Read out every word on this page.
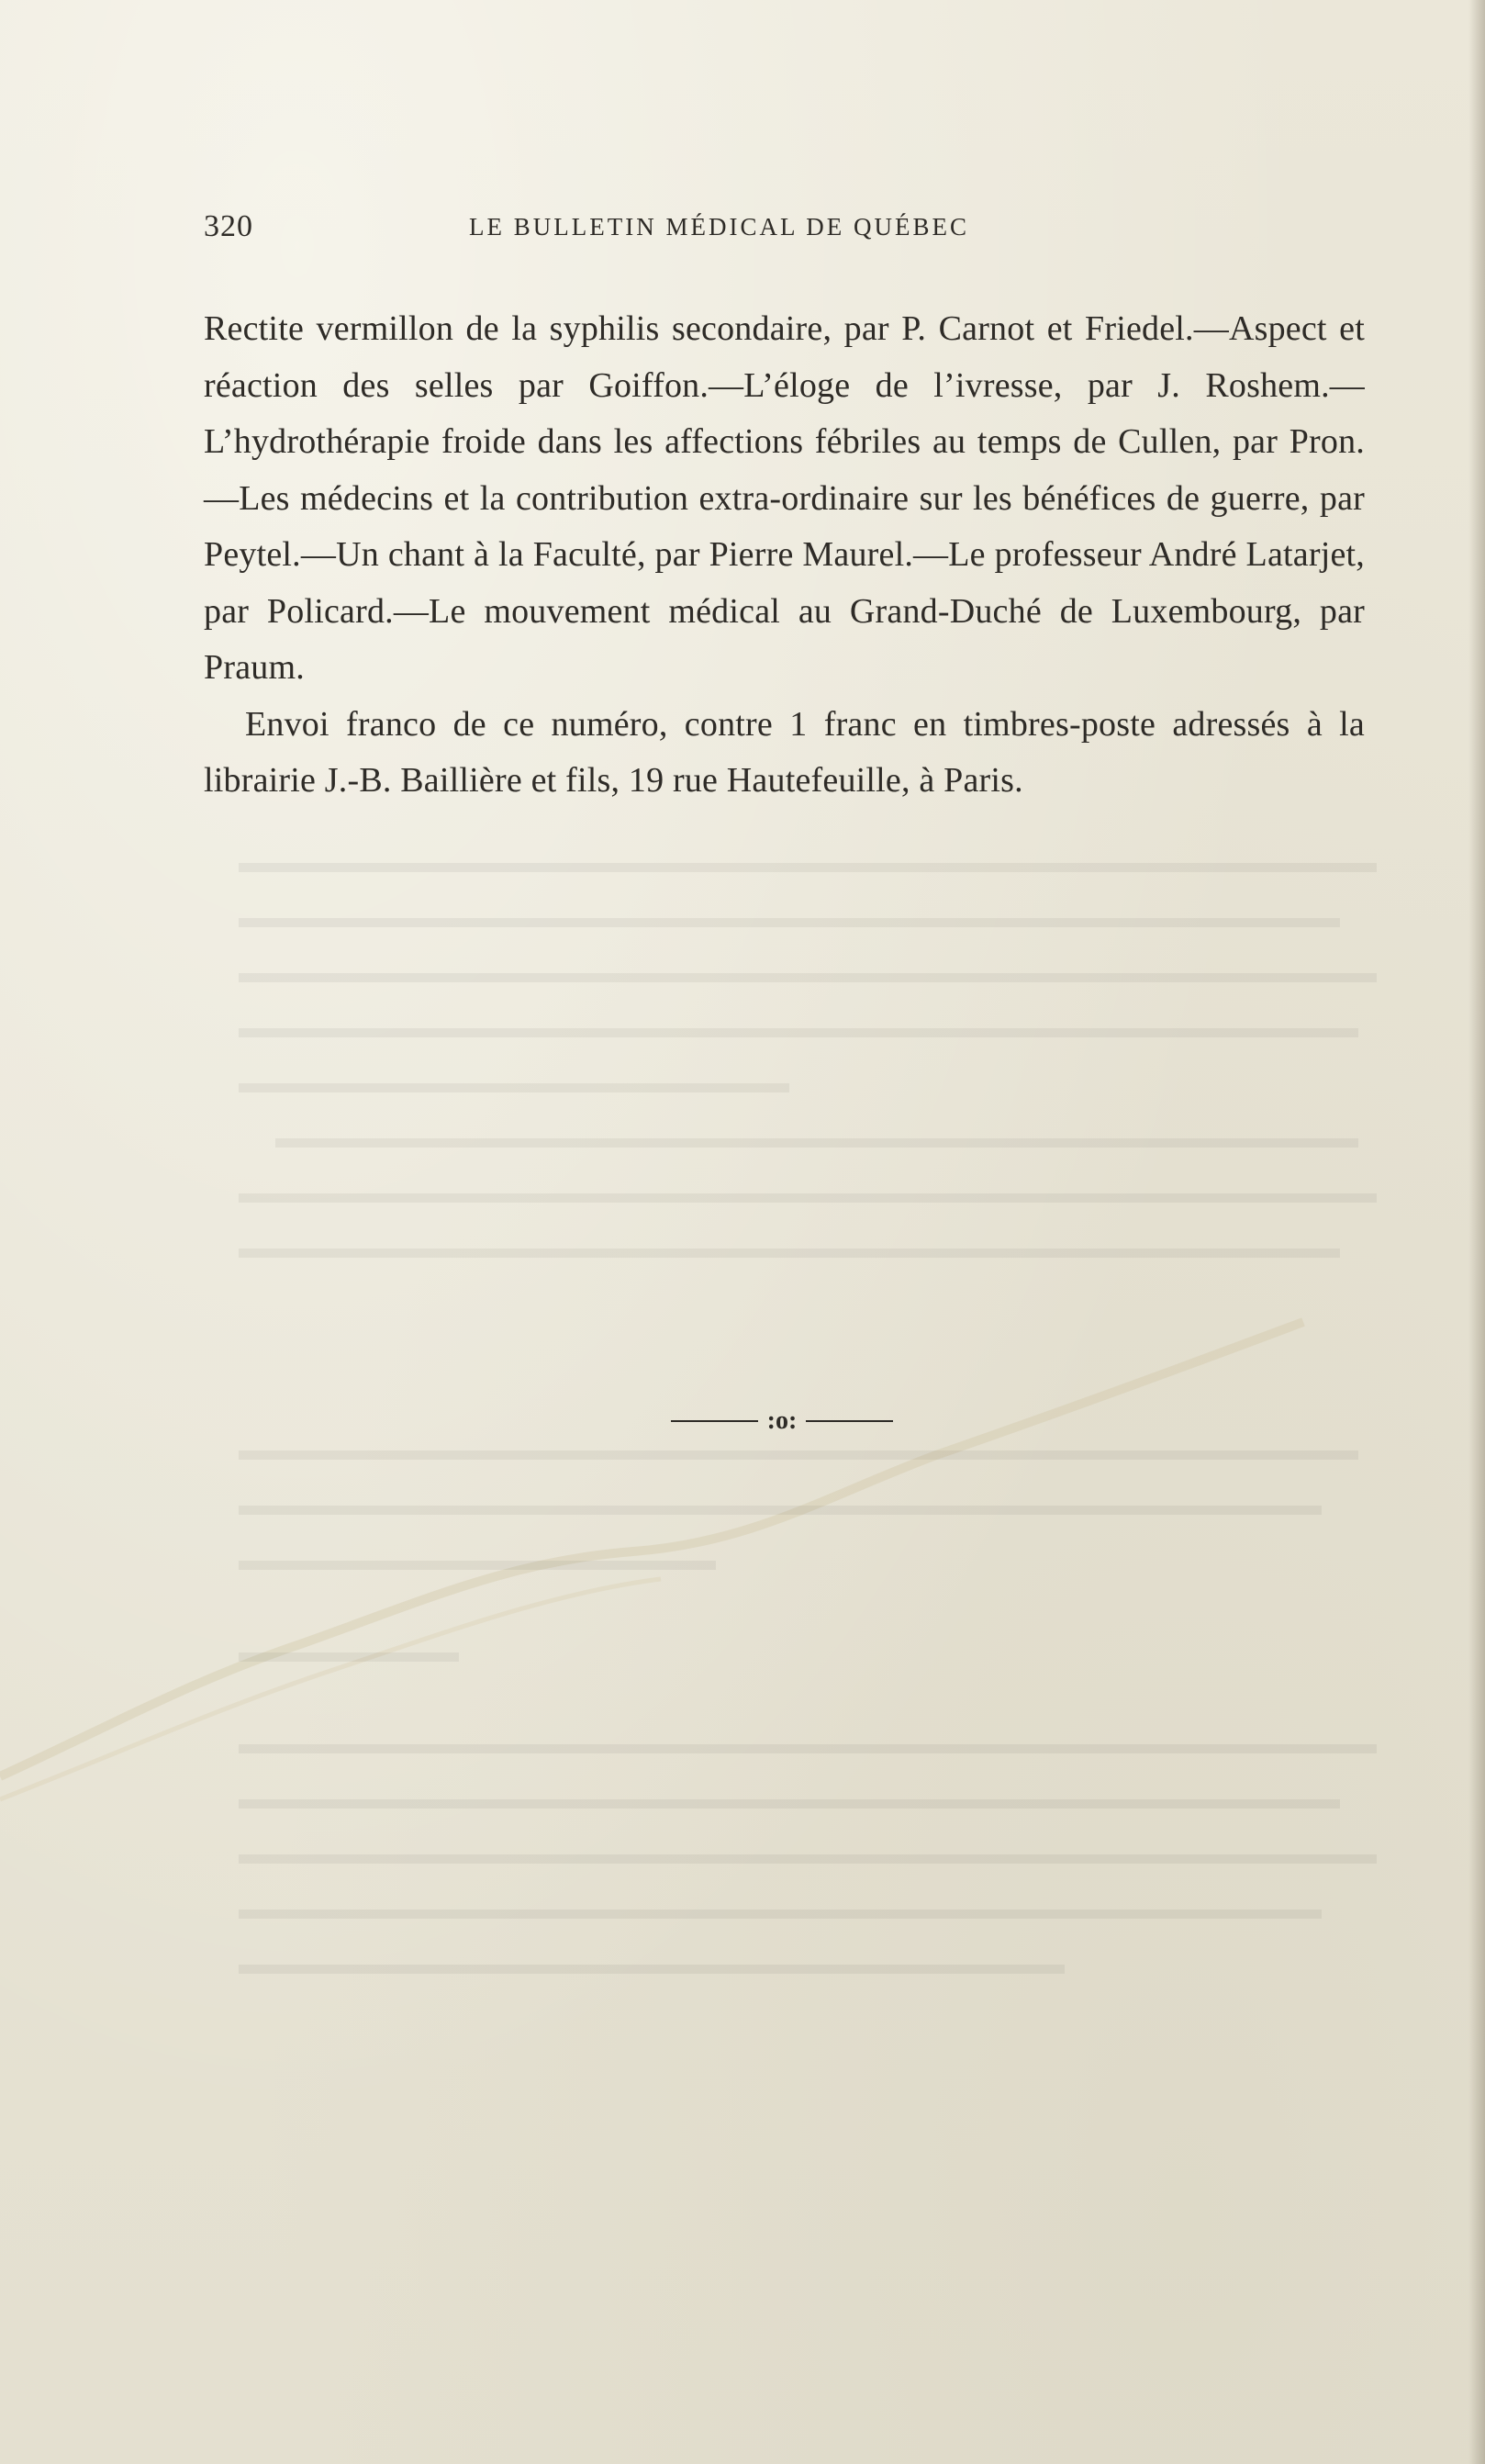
320	LE BULLETIN MÉDICAL DE QUÉBEC

Rectite vermillon de la syphilis secondaire, par P. Carnot et Friedel.—Aspect et réaction des selles par Goiffon.—L’éloge de l’ivresse, par J. Roshem.—L’hydrothérapie froide dans les affections fébriles au temps de Cullen, par Pron.—Les médecins et la contribution extra-ordinaire sur les bénéfices de guerre, par Peytel.—Un chant à la Faculté, par Pierre Maurel.—Le professeur André Latarjet, par Policard.—Le mouvement médical au Grand-Duché de Luxembourg, par Praum.

Envoi franco de ce numéro, contre 1 franc en timbres-poste adressés à la librairie J.-B. Baillière et fils, 19 rue Hautefeuille, à Paris.

:o:
